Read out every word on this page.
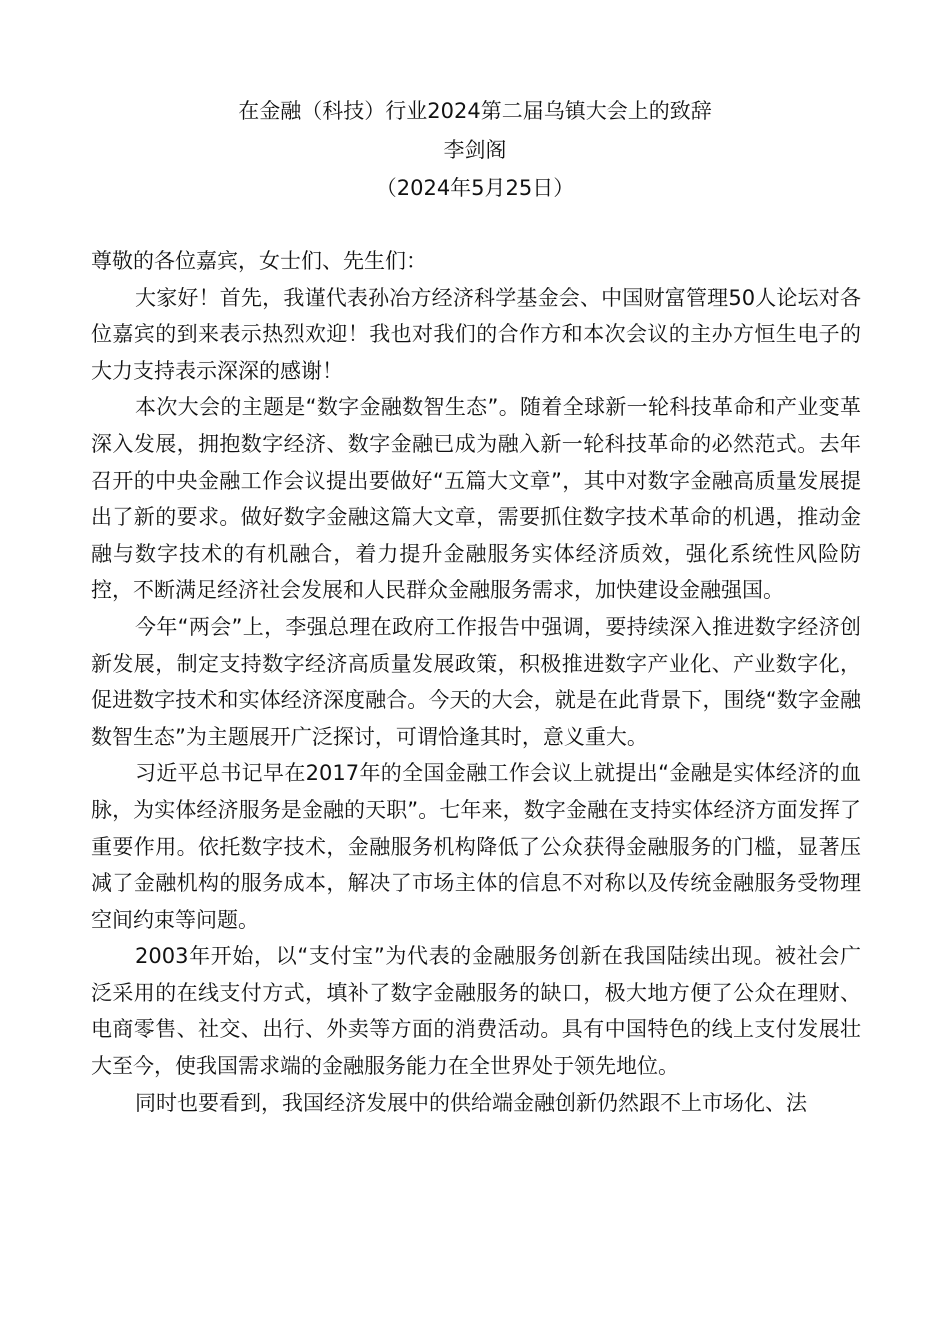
在金融（科技）行业2024第二届乌镇大会上的致辞
李剑阁
（2024年5月25日）

尊敬的各位嘉宾，女士们、先生们：

大家好！首先，我谨代表孙冶方经济科学基金会、中国财富管理50人论坛对各位嘉宾的到来表示热烈欢迎！我也对我们的合作方和本次会议的主办方恒生电子的大力支持表示深深的感谢！

本次大会的主题是“数字金融数智生态”。随着全球新一轮科技革命和产业变革深入发展，拥抱数字经济、数字金融已成为融入新一轮科技革命的必然范式。去年召开的中央金融工作会议提出要做好“五篇大文章”，其中对数字金融高质量发展提出了新的要求。做好数字金融这篇大文章，需要抓住数字技术革命的机遇，推动金融与数字技术的有机融合，着力提升金融服务实体经济质效，强化系统性风险防控，不断满足经济社会发展和人民群众金融服务需求，加快建设金融强国。

今年“两会”上，李强总理在政府工作报告中强调，要持续深入推进数字经济创新发展，制定支持数字经济高质量发展政策，积极推进数字产业化、产业数字化，促进数字技术和实体经济深度融合。今天的大会，就是在此背景下，围绕“数字金融数智生态”为主题展开广泛探讨，可谓恰逢其时，意义重大。

习近平总书记早在2017年的全国金融工作会议上就提出“金融是实体经济的血脉，为实体经济服务是金融的天职”。七年来，数字金融在支持实体经济方面发挥了重要作用。依托数字技术，金融服务机构降低了公众获得金融服务的门槛，显著压减了金融机构的服务成本，解决了市场主体的信息不对称以及传统金融服务受物理空间约束等问题。

2003年开始，以“支付宝”为代表的金融服务创新在我国陆续出现。被社会广泛采用的在线支付方式，填补了数字金融服务的缺口，极大地方便了公众在理财、电商零售、社交、出行、外卖等方面的消费活动。具有中国特色的线上支付发展壮大至今，使我国需求端的金融服务能力在全世界处于领先地位。

同时也要看到，我国经济发展中的供给端金融创新仍然跟不上市场化、法
